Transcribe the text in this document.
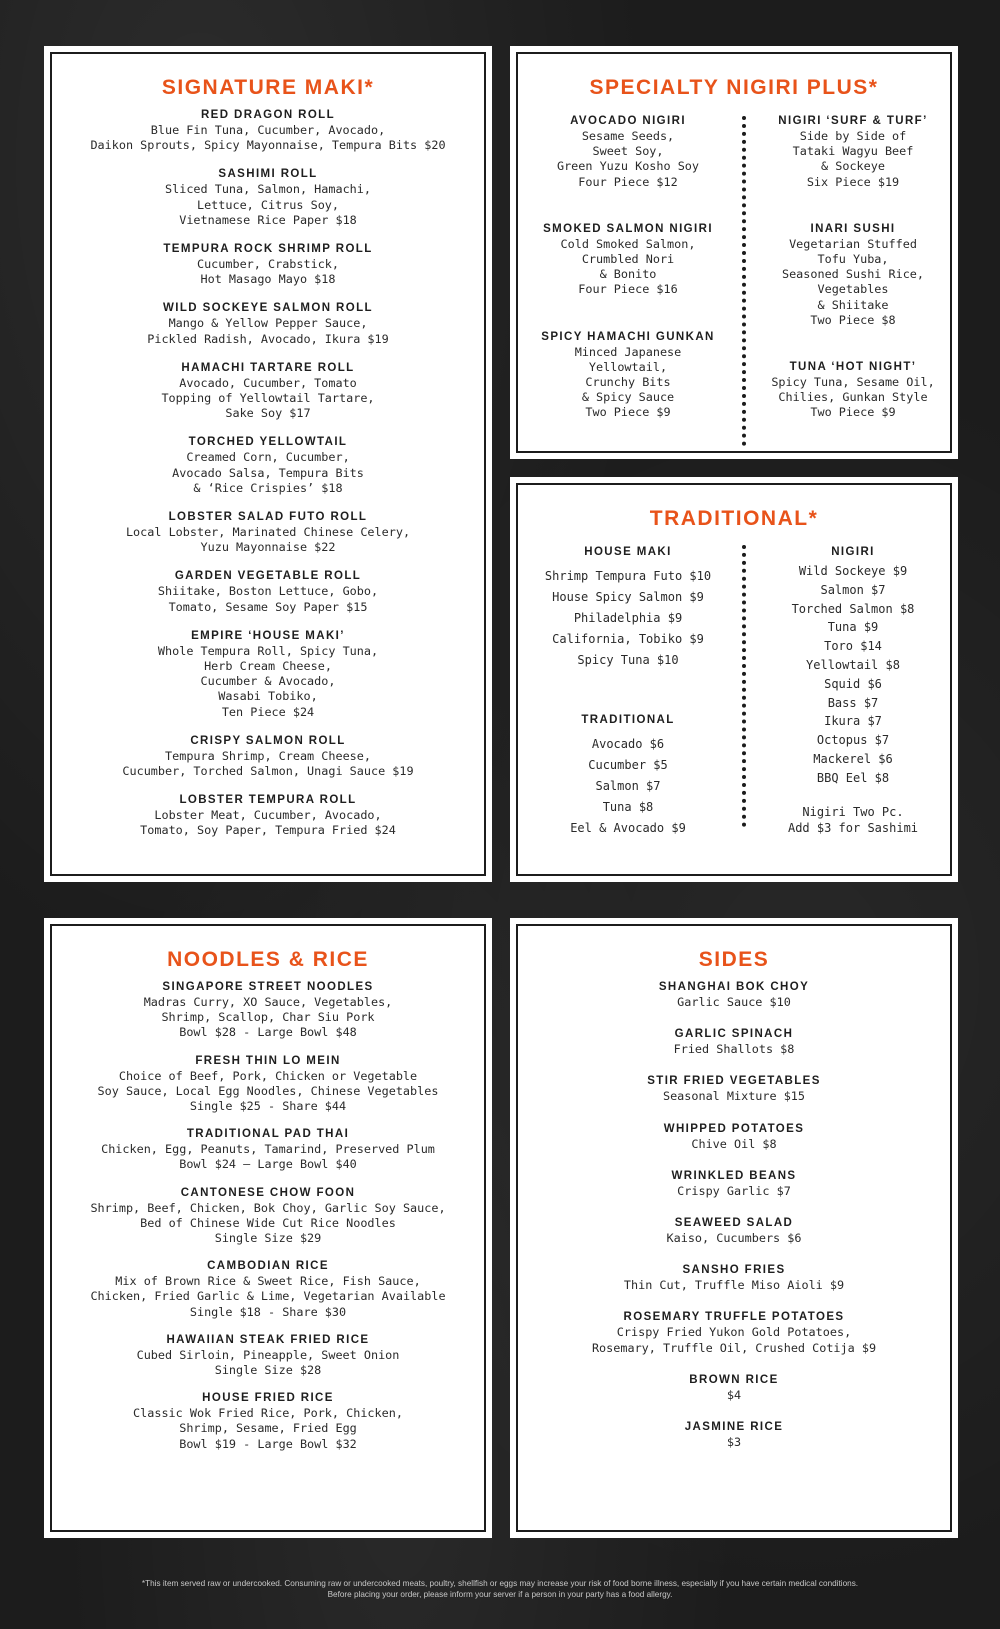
SIGNATURE MAKI*
RED DRAGON ROLL
Blue Fin Tuna, Cucumber, Avocado,
Daikon Sprouts, Spicy Mayonnaise, Tempura Bits $20
SASHIMI ROLL
Sliced Tuna, Salmon, Hamachi,
Lettuce, Citrus Soy,
Vietnamese Rice Paper $18
TEMPURA ROCK SHRIMP ROLL
Cucumber, Crabstick,
Hot Masago Mayo $18
WILD SOCKEYE SALMON ROLL
Mango & Yellow Pepper Sauce,
Pickled Radish, Avocado, Ikura $19
HAMACHI TARTARE ROLL
Avocado, Cucumber, Tomato
Topping of Yellowtail Tartare,
Sake Soy $17
TORCHED YELLOWTAIL
Creamed Corn, Cucumber,
Avocado Salsa, Tempura Bits
& ‘Rice Crispies’ $18
LOBSTER SALAD FUTO ROLL
Local Lobster, Marinated Chinese Celery,
Yuzu Mayonnaise $22
GARDEN VEGETABLE ROLL
Shiitake, Boston Lettuce, Gobo,
Tomato, Sesame Soy Paper $15
EMPIRE ‘HOUSE MAKI’
Whole Tempura Roll, Spicy Tuna,
Herb Cream Cheese,
Cucumber & Avocado,
Wasabi Tobiko,
Ten Piece $24
CRISPY SALMON ROLL
Tempura Shrimp, Cream Cheese,
Cucumber, Torched Salmon, Unagi Sauce $19
LOBSTER TEMPURA ROLL
Lobster Meat, Cucumber, Avocado,
Tomato, Soy Paper, Tempura Fried $24
SPECIALTY NIGIRI PLUS*
AVOCADO NIGIRI
Sesame Seeds,
Sweet Soy,
Green Yuzu Kosho Soy
Four Piece $12
SMOKED SALMON NIGIRI
Cold Smoked Salmon,
Crumbled Nori
& Bonito
Four Piece $16
SPICY HAMACHI GUNKAN
Minced Japanese
Yellowtail,
Crunchy Bits
& Spicy Sauce
Two Piece $9
NIGIRI ‘SURF & TURF’
Side by Side of
Tataki Wagyu Beef
& Sockeye
Six Piece $19
INARI SUSHI
Vegetarian Stuffed
Tofu Yuba,
Seasoned Sushi Rice,
Vegetables
& Shiitake
Two Piece $8
TUNA ‘HOT NIGHT’
Spicy Tuna, Sesame Oil,
Chilies, Gunkan Style
Two Piece $9
TRADITIONAL*
HOUSE MAKI
Shrimp Tempura Futo $10
House Spicy Salmon $9
Philadelphia $9
California, Tobiko $9
Spicy Tuna $10
TRADITIONAL
Avocado $6
Cucumber $5
Salmon $7
Tuna $8
Eel & Avocado $9
NIGIRI
Wild Sockeye $9
Salmon $7
Torched Salmon $8
Tuna $9
Toro $14
Yellowtail $8
Squid $6
Bass $7
Ikura $7
Octopus $7
Mackerel $6
BBQ Eel $8
Nigiri Two Pc.
Add $3 for Sashimi
NOODLES & RICE
SINGAPORE STREET NOODLES
Madras Curry, XO Sauce, Vegetables,
Shrimp, Scallop, Char Siu Pork
Bowl $28 - Large Bowl $48
FRESH THIN LO MEIN
Choice of Beef, Pork, Chicken or Vegetable
Soy Sauce, Local Egg Noodles, Chinese Vegetables
Single $25 - Share $44
TRADITIONAL PAD THAI
Chicken, Egg, Peanuts, Tamarind, Preserved Plum
Bowl $24 – Large Bowl $40
CANTONESE CHOW FOON
Shrimp, Beef, Chicken, Bok Choy, Garlic Soy Sauce,
Bed of Chinese Wide Cut Rice Noodles
Single Size $29
CAMBODIAN RICE
Mix of Brown Rice & Sweet Rice, Fish Sauce,
Chicken, Fried Garlic & Lime, Vegetarian Available
Single $18 - Share $30
HAWAIIAN STEAK FRIED RICE
Cubed Sirloin, Pineapple, Sweet Onion
Single Size $28
HOUSE FRIED RICE
Classic Wok Fried Rice, Pork, Chicken,
Shrimp, Sesame, Fried Egg
Bowl $19 - Large Bowl $32
SIDES
SHANGHAI BOK CHOY
Garlic Sauce $10
GARLIC SPINACH
Fried Shallots $8
STIR FRIED VEGETABLES
Seasonal Mixture $15
WHIPPED POTATOES
Chive Oil $8
WRINKLED BEANS
Crispy Garlic $7
SEAWEED SALAD
Kaiso, Cucumbers $6
SANSHO FRIES
Thin Cut, Truffle Miso Aioli $9
ROSEMARY TRUFFLE POTATOES
Crispy Fried Yukon Gold Potatoes,
Rosemary, Truffle Oil, Crushed Cotija $9
BROWN RICE
$4
JASMINE RICE
$3
*This item served raw or undercooked. Consuming raw or undercooked meats, poultry, shellfish or eggs may increase your risk of food borne illness, especially if you have certain medical conditions.
Before placing your order, please inform your server if a person in your party has a food allergy.
